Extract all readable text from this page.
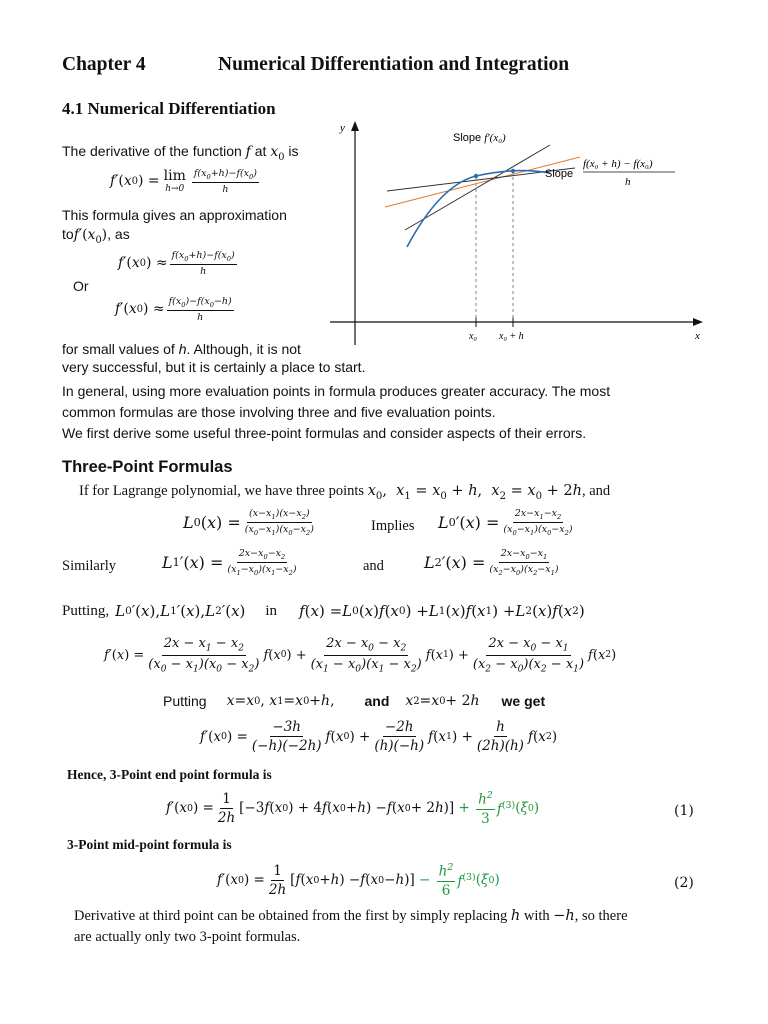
Chapter 4	Numerical Differentiation and Integration
4.1 Numerical Differentiation
The derivative of the function f at $x_0$ is
f′ ( x 0 ) = lim
$h\to 0 \frac{f(x_0+h)-f(x_0)}{h}$
This formula gives an approximation
$tof'(x_0)$, as
f′ ( x 0 ) ≈ $\frac{f(x_0+h)-f(x_0)}{h}$
Or
f′ ( x 0 ) ≈ $\frac{f(x_0)-f(x_0-h)}{h}$
for small values of h. Although, it is not
very successful, but it is certainly a place to start.
y
x
x₀ x₀ + h
Slope f′(x₀)
Slope
f(x₀ + h) − f(x₀)
h
In general, using more evaluation points in formula produces greater accuracy. The most
common formulas are those involving three and five evaluation points.
We first derive some useful three-point formulas and consider aspects of their errors.
Three-Point Formulas
If for Lagrange polynomial, we have three points $x_0$,  $x_1 = x_0 + h$,  $x_2 = x_0 + 2h$, and
L 0 ( x ) = $\frac{(x-x_1)(x-x_2)}{(x_0-x_1)(x_0-x_2)}$	Implies L 0 ′ ( x ) = $\frac{2x-x_1-x_2}{(x_0-x_1)(x_0-x_2)}$
Similarly	L 1 ′ ( x ) = $\frac{2x-x_0-x_2}{(x_1-x_0)(x_1-x_2)}$	and	L 2 ′ ( x ) = $\frac{2x-x_0-x_1}{(x_2-x_0)(x_2-x_1)}$
Putting, L 0 ′ ( x ), L 1 ′ ( x ), L 2 ′ ( x ) in f ( x ) = L 0 ( x ) f ( x 0 ) + L 1 ( x ) f ( x 1 ) + L 2 ( x ) f ( x 2 )
f′ ( x ) = $\frac{2x - x_1 - x_2}{(x_0 - x_1)(x_0 - x_2)}$ f ( x 0 ) + $\frac{2x - x_0 - x_2}{(x_1 - x_0)(x_1 - x_2)}$ f ( x 1 ) + $\frac{2x - x_0 - x_1}{(x_2 - x_0)(x_2 - x_1)}$ f ( x 2 )
Putting x = x 0 , x 1 = x 0 + h , and x 2 = x 0 + 2 h we get
f′ ( x 0 ) = $\frac{-3h}{(-h)(-2h)}$ f ( x 0 ) + $\frac{-2h}{(h)(-h)}$ f ( x 1 ) + $\frac{h}{(2h)(h)}$ f ( x 2 )
Hence, 3-Point end point formula is
f′ ( x 0 ) = $\frac{1}{2h} [-3$ f ( x 0 ) + 4 f ( x 0 + h ) − f ( x 0 + 2 h )] + $\frac{h^2}{3} f^{(3)}$ ( ξ 0 )	(1)
3-Point mid-point formula is
f′ ( x 0 ) = $\frac{1}{2h}$ [ f ( x 0 + h ) − f ( x 0 − h )] − $\frac{h^2}{6} f^{(3)}$ ( ξ 0 )	(2)
Derivative at third point can be obtained from the first by simply replacing h with −h, so there
are actually only two 3-point formulas.
